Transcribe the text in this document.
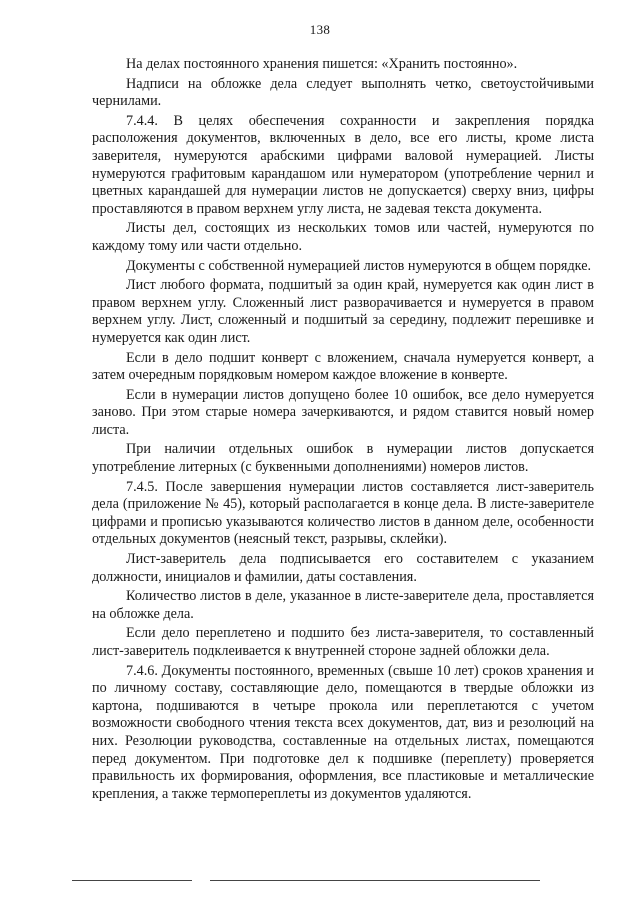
138

На делах постоянного хранения пишется: «Хранить постоянно».

Надписи на обложке дела следует выполнять четко, светоустойчивыми чернилами.

7.4.4. В целях обеспечения сохранности и закрепления порядка расположения документов, включенных в дело, все его листы, кроме листа заверителя, нумеруются арабскими цифрами валовой нумерацией. Листы нумеруются графитовым карандашом или нумератором (употребление чернил и цветных карандашей для нумерации листов не допускается) сверху вниз, цифры проставляются в правом верхнем углу листа, не задевая текста документа.

Листы дел, состоящих из нескольких томов или частей, нумеруются по каждому тому или части отдельно.

Документы с собственной нумерацией листов нумеруются в общем порядке.

Лист любого формата, подшитый за один край, нумеруется как один лист в правом верхнем углу. Сложенный лист разворачивается и нумеруется в правом верхнем углу. Лист, сложенный и подшитый за середину, подлежит перешивке и нумеруется как один лист.

Если в дело подшит конверт с вложением, сначала нумеруется конверт, а затем очередным порядковым номером каждое вложение в конверте.

Если в нумерации листов допущено более 10 ошибок, все дело нумеруется заново. При этом старые номера зачеркиваются, и рядом ставится новый номер листа.

При наличии отдельных ошибок в нумерации листов допускается употребление литерных (с буквенными дополнениями) номеров листов.

7.4.5. После завершения нумерации листов составляется лист-заверитель дела (приложение № 45), который располагается в конце дела. В листе-заверителе цифрами и прописью указываются количество листов в данном деле, особенности отдельных документов (неясный текст, разрывы, склейки).

Лист-заверитель дела подписывается его составителем с указанием должности, инициалов и фамилии, даты составления.

Количество листов в деле, указанное в листе-заверителе дела, проставляется на обложке дела.

Если дело переплетено и подшито без листа-заверителя, то составленный лист-заверитель подклеивается к внутренней стороне задней обложки дела.

7.4.6. Документы постоянного, временных (свыше 10 лет) сроков хранения и по личному составу, составляющие дело, помещаются в твердые обложки из картона, подшиваются в четыре прокола или переплетаются с учетом возможности свободного чтения текста всех документов, дат, виз и резолюций на них. Резолюции руководства, составленные на отдельных листах, помещаются перед документом. При подготовке дел к подшивке (переплету) проверяется правильность их формирования, оформления, все пластиковые и металлические крепления, а также термопереплеты из документов удаляются.
